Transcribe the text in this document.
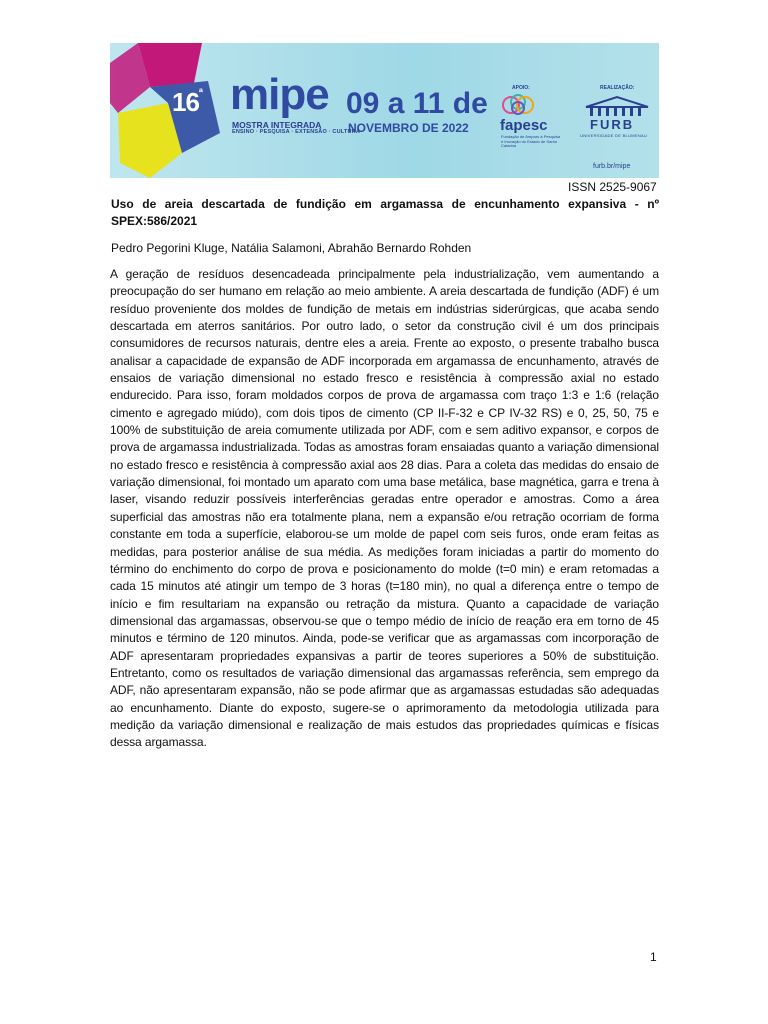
$16^ª$ mipe
MOSTRA INTEGRADA
ENSINO · PESQUISA · EXTENSÃO · CULTURA
09 a 11 de
NOVEMBRO DE 2022
APOIO:
fapesc
Fundação de Amparo à Pesquisa e Inovação do Estado de Santa Catarina
REALIZAÇÃO:
FURB
UNIVERSIDADE DE BLUMENAU
furb.br/mipe
ISSN 2525-9067
Uso de areia descartada de fundição em argamassa de encunhamento expansiva - nº SPEX:586/2021
Pedro Pegorini Kluge, Natália Salamoni, Abrahão Bernardo Rohden
A geração de resíduos desencadeada principalmente pela industrialização, vem aumentando a preocupação do ser humano em relação ao meio ambiente. A areia descartada de fundição (ADF) é um resíduo proveniente dos moldes de fundição de metais em indústrias siderúrgicas, que acaba sendo descartada em aterros sanitários. Por outro lado, o setor da construção civil é um dos principais consumidores de recursos naturais, dentre eles a areia. Frente ao exposto, o presente trabalho busca analisar a capacidade de expansão de ADF incorporada em argamassa de encunhamento, através de ensaios de variação dimensional no estado fresco e resistência à compressão axial no estado endurecido. Para isso, foram moldados corpos de prova de argamassa com traço 1:3 e 1:6 (relação cimento e agregado miúdo), com dois tipos de cimento (CP II-F-32 e CP IV-32 RS) e 0, 25, 50, 75 e 100% de substituição de areia comumente utilizada por ADF, com e sem aditivo expansor, e corpos de prova de argamassa industrializada. Todas as amostras foram ensaiadas quanto a variação dimensional no estado fresco e resistência à compressão axial aos 28 dias. Para a coleta das medidas do ensaio de variação dimensional, foi montado um aparato com uma base metálica, base magnética, garra e trena à laser, visando reduzir possíveis interferências geradas entre operador e amostras. Como a área superficial das amostras não era totalmente plana, nem a expansão e/ou retração ocorriam de forma constante em toda a superfície, elaborou-se um molde de papel com seis furos, onde eram feitas as medidas, para posterior análise de sua média. As medições foram iniciadas a partir do momento do término do enchimento do corpo de prova e posicionamento do molde (t=0 min) e eram retomadas a cada 15 minutos até atingir um tempo de 3 horas (t=180 min), no qual a diferença entre o tempo de início e fim resultariam na expansão ou retração da mistura. Quanto a capacidade de variação dimensional das argamassas, observou-se que o tempo médio de início de reação era em torno de 45 minutos e término de 120 minutos. Ainda, pode-se verificar que as argamassas com incorporação de ADF apresentaram propriedades expansivas a partir de teores superiores a 50% de substituição. Entretanto, como os resultados de variação dimensional das argamassas referência, sem emprego da ADF, não apresentaram expansão, não se pode afirmar que as argamassas estudadas são adequadas ao encunhamento. Diante do exposto, sugere-se o aprimoramento da metodologia utilizada para medição da variação dimensional e realização de mais estudos das propriedades químicas e físicas dessa argamassa.
1
